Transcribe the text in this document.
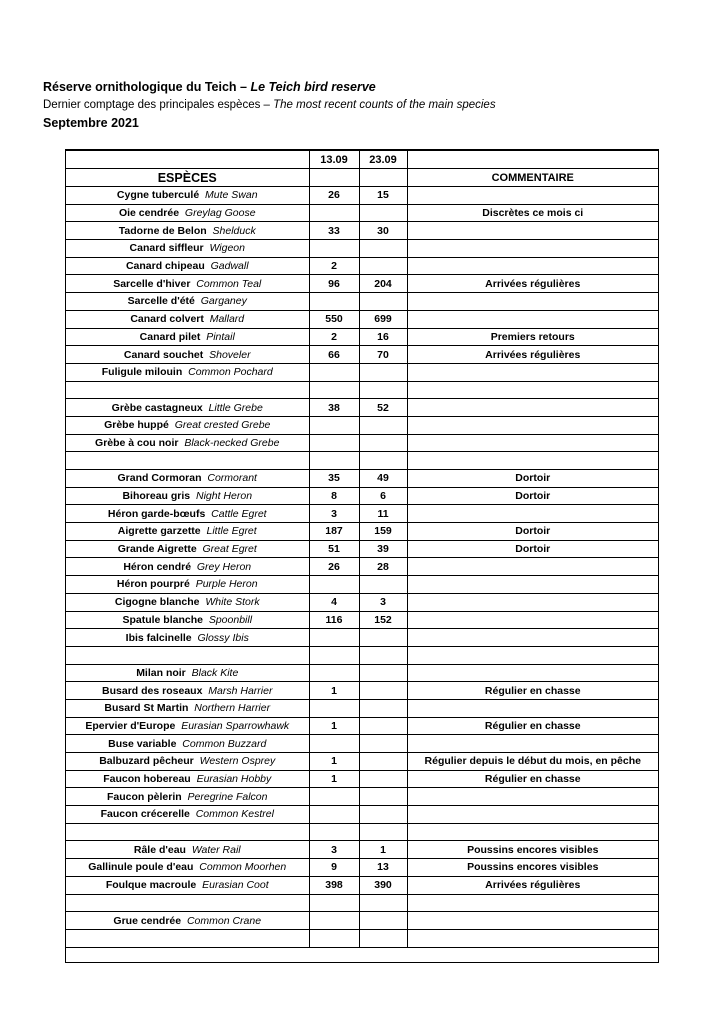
Réserve ornithologique du Teich – Le Teich bird reserve
Dernier comptage des principales espèces – The most recent counts of the main species
Septembre 2021
	13.09	23.09	
ESPÈCES			COMMENTAIRE
Cygne tuberculé Mute Swan	26	15	
Oie cendrée Greylag Goose			Discrètes ce mois ci
Tadorne de Belon Shelduck	33	30	
Canard siffleur Wigeon			
Canard chipeau Gadwall	2		
Sarcelle d'hiver Common Teal	96	204	Arrivées régulières
Sarcelle d'été Garganey			
Canard colvert Mallard	550	699	
Canard pilet Pintail	2	16	Premiers retours
Canard souchet Shoveler	66	70	Arrivées régulières
Fuligule milouin Common Pochard			

Grèbe castagneux Little Grebe	38	52	
Grèbe huppé Great crested Grebe			
Grèbe à cou noir Black-necked Grebe			

Grand Cormoran Cormorant	35	49	Dortoir
Bihoreau gris Night Heron	8	6	Dortoir
Héron garde-bœufs Cattle Egret	3	11	
Aigrette garzette Little Egret	187	159	Dortoir
Grande Aigrette Great Egret	51	39	Dortoir
Héron cendré Grey Heron	26	28	
Héron pourpré Purple Heron			
Cigogne blanche White Stork	4	3	
Spatule blanche Spoonbill	116	152	
Ibis falcinelle Glossy Ibis			

Milan noir Black Kite			
Busard des roseaux Marsh Harrier	1		Régulier en chasse
Busard St Martin Northern Harrier			
Epervier d'Europe Eurasian Sparrowhawk	1		Régulier en chasse
Buse variable Common Buzzard			
Balbuzard pêcheur Western Osprey	1		Régulier depuis le début du mois, en pêche
Faucon hobereau Eurasian Hobby	1		Régulier en chasse
Faucon pèlerin Peregrine Falcon			
Faucon crécerelle Common Kestrel			

Râle d'eau Water Rail	3	1	Poussins encores visibles
Gallinule poule d'eau Common Moorhen	9	13	Poussins encores visibles
Foulque macroule Eurasian Coot	398	390	Arrivées régulières

Grue cendrée Common Crane			
